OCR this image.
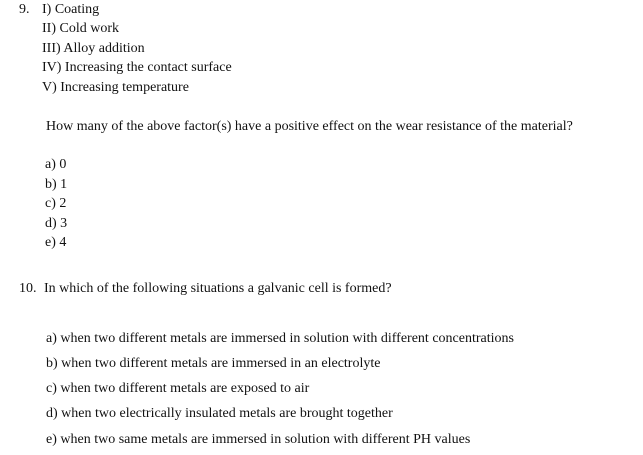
9. I) Coating
II) Cold work
III) Alloy addition
IV) Increasing the contact surface
V) Increasing temperature
How many of the above factor(s) have a positive effect on the wear resistance of the material?
a) 0
b) 1
c) 2
d) 3
e) 4
10. In which of the following situations a galvanic cell is formed?
a) when two different metals are immersed in solution with different concentrations
b) when two different metals are immersed in an electrolyte
c) when two different metals are exposed to air
d) when two electrically insulated metals are brought together
e) when two same metals are immersed in solution with different PH values
